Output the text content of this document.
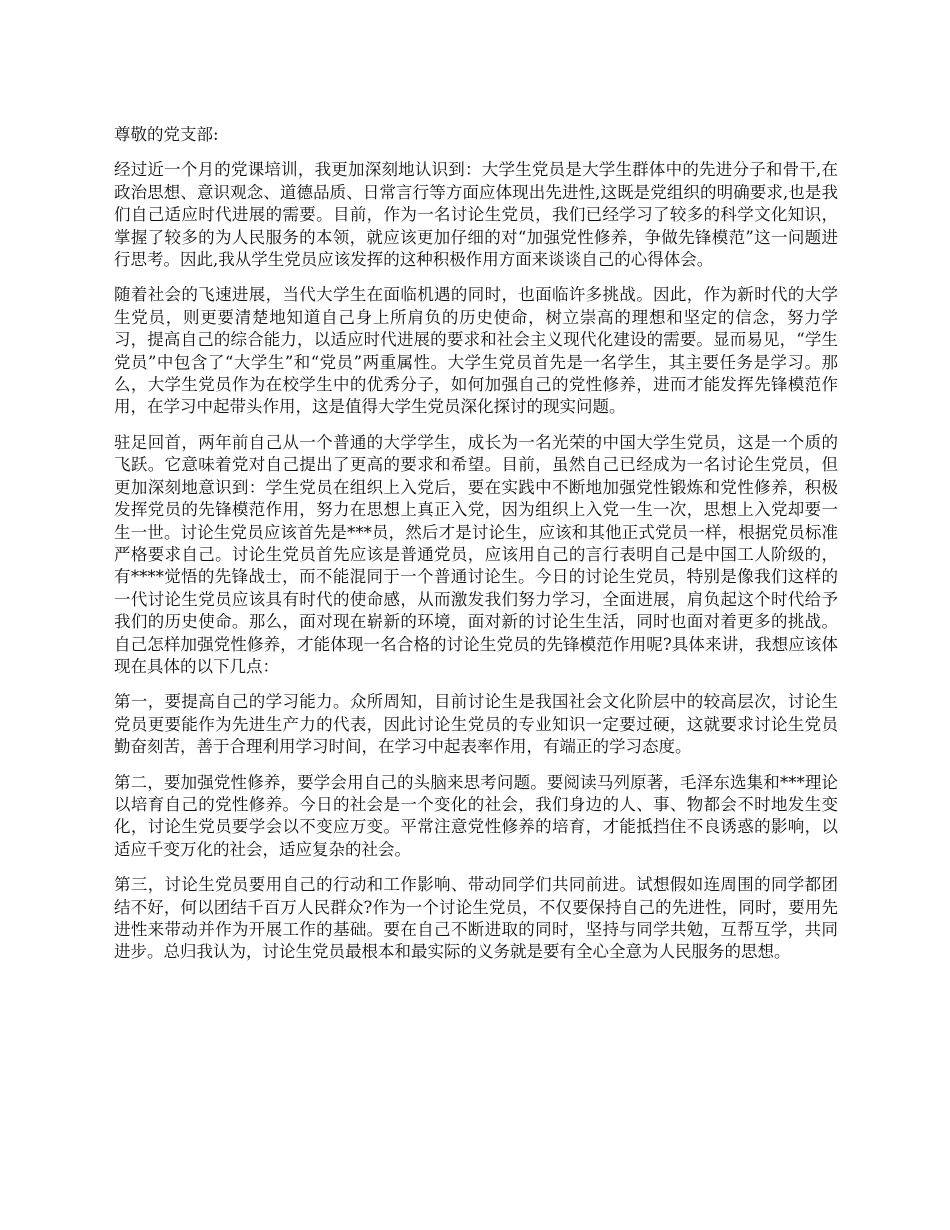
尊敬的党支部:

经过近一个月的党课培训，我更加深刻地认识到：大学生党员是大学生群体中的先进分子和骨干,在政治思想、意识观念、道德品质、日常言行等方面应体现出先进性,这既是党组织的明确要求,也是我们自己适应时代进展的需要。目前，作为一名讨论生党员，我们已经学习了较多的科学文化知识，掌握了较多的为人民服务的本领，就应该更加仔细的对“加强党性修养，争做先锋模范”这一问题进行思考。因此,我从学生党员应该发挥的这种积极作用方面来谈谈自己的心得体会。

随着社会的飞速进展，当代大学生在面临机遇的同时，也面临许多挑战。因此，作为新时代的大学生党员，则更要清楚地知道自己身上所肩负的历史使命，树立崇高的理想和坚定的信念，努力学习，提高自己的综合能力，以适应时代进展的要求和社会主义现代化建设的需要。显而易见，“学生党员”中包含了“大学生”和“党员”两重属性。大学生党员首先是一名学生，其主要任务是学习。那么，大学生党员作为在校学生中的优秀分子，如何加强自己的党性修养，进而才能发挥先锋模范作用，在学习中起带头作用，这是值得大学生党员深化探讨的现实问题。

驻足回首，两年前自己从一个普通的大学学生，成长为一名光荣的中国大学生党员，这是一个质的飞跃。它意味着党对自己提出了更高的要求和希望。目前，虽然自己已经成为一名讨论生党员，但更加深刻地意识到：学生党员在组织上入党后，要在实践中不断地加强党性锻炼和党性修养，积极发挥党员的先锋模范作用，努力在思想上真正入党，因为组织上入党一生一次，思想上入党却要一生一世。讨论生党员应该首先是***员，然后才是讨论生，应该和其他正式党员一样，根据党员标准严格要求自己。讨论生党员首先应该是普通党员，应该用自己的言行表明自己是中国工人阶级的，有****觉悟的先锋战士，而不能混同于一个普通讨论生。今日的讨论生党员，特别是像我们这样的一代讨论生党员应该具有时代的使命感，从而激发我们努力学习，全面进展，肩负起这个时代给予我们的历史使命。那么，面对现在崭新的环境，面对新的讨论生生活，同时也面对着更多的挑战。自己怎样加强党性修养，才能体现一名合格的讨论生党员的先锋模范作用呢?具体来讲，我想应该体现在具体的以下几点：

第一，要提高自己的学习能力。众所周知，目前讨论生是我国社会文化阶层中的较高层次，讨论生党员更要能作为先进生产力的代表，因此讨论生党员的专业知识一定要过硬，这就要求讨论生党员勤奋刻苦，善于合理利用学习时间，在学习中起表率作用，有端正的学习态度。

第二，要加强党性修养，要学会用自己的头脑来思考问题。要阅读马列原著，毛泽东选集和***理论以培育自己的党性修养。今日的社会是一个变化的社会，我们身边的人、事、物都会不时地发生变化，讨论生党员要学会以不变应万变。平常注意党性修养的培育，才能抵挡住不良诱惑的影响，以适应千变万化的社会，适应复杂的社会。

第三，讨论生党员要用自己的行动和工作影响、带动同学们共同前进。试想假如连周围的同学都团结不好，何以团结千百万人民群众?作为一个讨论生党员，不仅要保持自己的先进性，同时，要用先进性来带动并作为开展工作的基础。要在自己不断进取的同时，坚持与同学共勉，互帮互学，共同进步。总归我认为，讨论生党员最根本和最实际的义务就是要有全心全意为人民服务的思想。
